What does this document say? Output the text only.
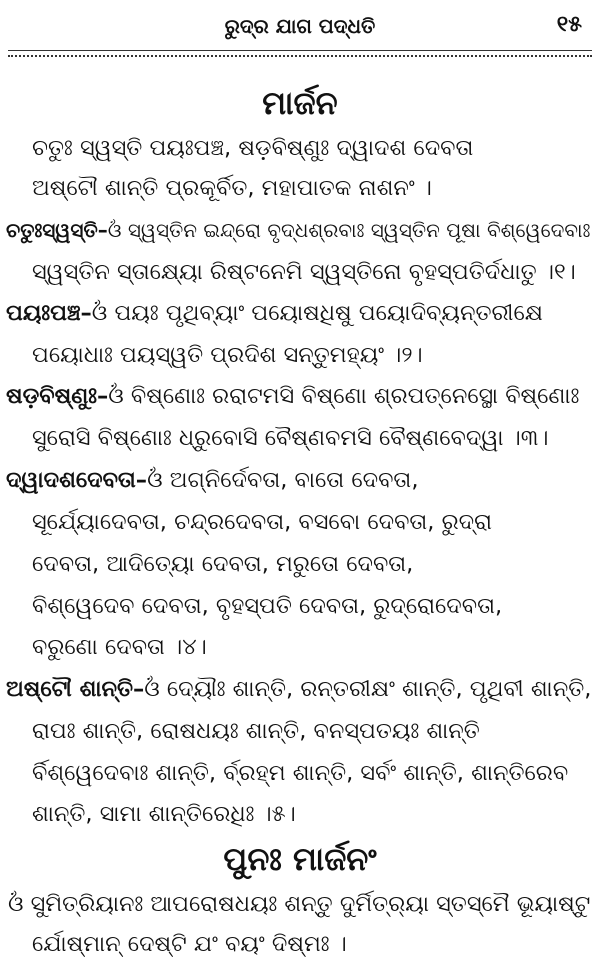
ରୁଦ୍ର ଯାଗ ପଦ୍ଧତି	୧୫
ମାର୍ଜନ
ଚତୁଃ ସ୍ୱସ୍ତି ପୟଃପଞ୍ଚ, ଷଡ଼ବିଷ୍ଣୁଃ ଦ୍ୱାଦଶ ଦେବତା
ଅଷ୍ଟୌ ଶାନ୍ତି ପ୍ରକୂର୍ବିତ, ମହାପାତକ ନାଶନଂ ।
ଚତୁଃସ୍ୱସ୍ତି–ଓଁ ସ୍ୱସ୍ତିନ ଇନ୍ଦ୍ରୋ ବୃଦ୍ଧଶ୍ରବାଃ ସ୍ୱସ୍ତିନ ପୂଷା ବିଶ୍ୱେଦେବାଃ
ସ୍ୱସ୍ତିନ ସ୍ତାକ୍ଷ୍ୟୋ ରିଷ୍ଟନେମି ସ୍ୱସ୍ତିନୋ ବୃହସ୍ପତିର୍ଦଧାତୁ ।୧।
ପୟଃପଞ୍ଚ–ଓଁ ପୟଃ ପୃଥିବ୍ୟାଂ ପୟୋଷଧିଷୁ ପୟୋଦିବ୍ୟନ୍ତରୀକ୍ଷେ
ପୟୋଧାଃ ପୟସ୍ୱତି ପ୍ରଦିଶ ସନ୍ତୁମହ୍ୟଂ ।୨।
ଷଡ଼ବିଷ୍ଣୁଃ–ଓଁ ବିଷ୍ଣୋଃ ରରାଟମସି ବିଷ୍ଣୋ ଶ୍ରପତ୍ନେସ୍ଥୋ ବିଷ୍ଣୋଃ
ସୁରୋସି ବିଷ୍ଣୋଃ ଧ୍ରୁବୋସି ବୈଷ୍ଣବମସି ବୈଷ୍ଣବେଦ୍ୱା ।୩।
ଦ୍ୱାଦଶଦେବତା–ଓଁ ଅଗ୍ନିର୍ଦେବତା, ବାତୋ ଦେବତା,
ସୂର୍ଯ୍ୟୋଦେବତା, ଚନ୍ଦ୍ରଦେବତା, ବସବୋ ଦେବତା, ରୁଦ୍ରା
ଦେବତା, ଆଦିତ୍ୟୋ ଦେବତା, ମରୁତୋ ଦେବତା,
ବିଶ୍ୱେଦେବ ଦେବତା, ବୃହସ୍ପତି ଦେବତା, ରୁଦ୍ରୋଦେବତା,
ବରୁଣୋ ଦେବତା ।୪।
ଅଷ୍ଟୌ ଶାନ୍ତି–ଓଁ ଦ୍ୟୌଃ ଶାନ୍ତି, ରନ୍ତରୀକ୍ଷଂ ଶାନ୍ତି, ପୃଥିବୀ ଶାନ୍ତି,
ରାପଃ ଶାନ୍ତି, ରୋଷଧୟଃ ଶାନ୍ତି, ବନସ୍ପତୟଃ ଶାନ୍ତି
ର୍ବିଶ୍ୱେଦେବାଃ ଶାନ୍ତି, ର୍ବ୍ରହ୍ମ ଶାନ୍ତି, ସର୍ବଂ ଶାନ୍ତି, ଶାନ୍ତିରେବ
ଶାନ୍ତି, ସାମା ଶାନ୍ତିରେଧିଃ ।୫।
ପୁନଃ ମାର୍ଜନଂ
ଓଁ ସୁମିତ୍ରିୟାନଃ ଆପରୋଷଧୟଃ ଶନ୍ତୁ ଦୁର୍ମିତ୍ର୍ୟା ସ୍ତସ୍ମୈ ଭୂୟାଷ୍ଟୁ
ର୍ଯୋଷ୍ମାନ୍ ଦେଷ୍ଟି ଯଂ ବୟଂ ଦିଷ୍ମଃ ।
